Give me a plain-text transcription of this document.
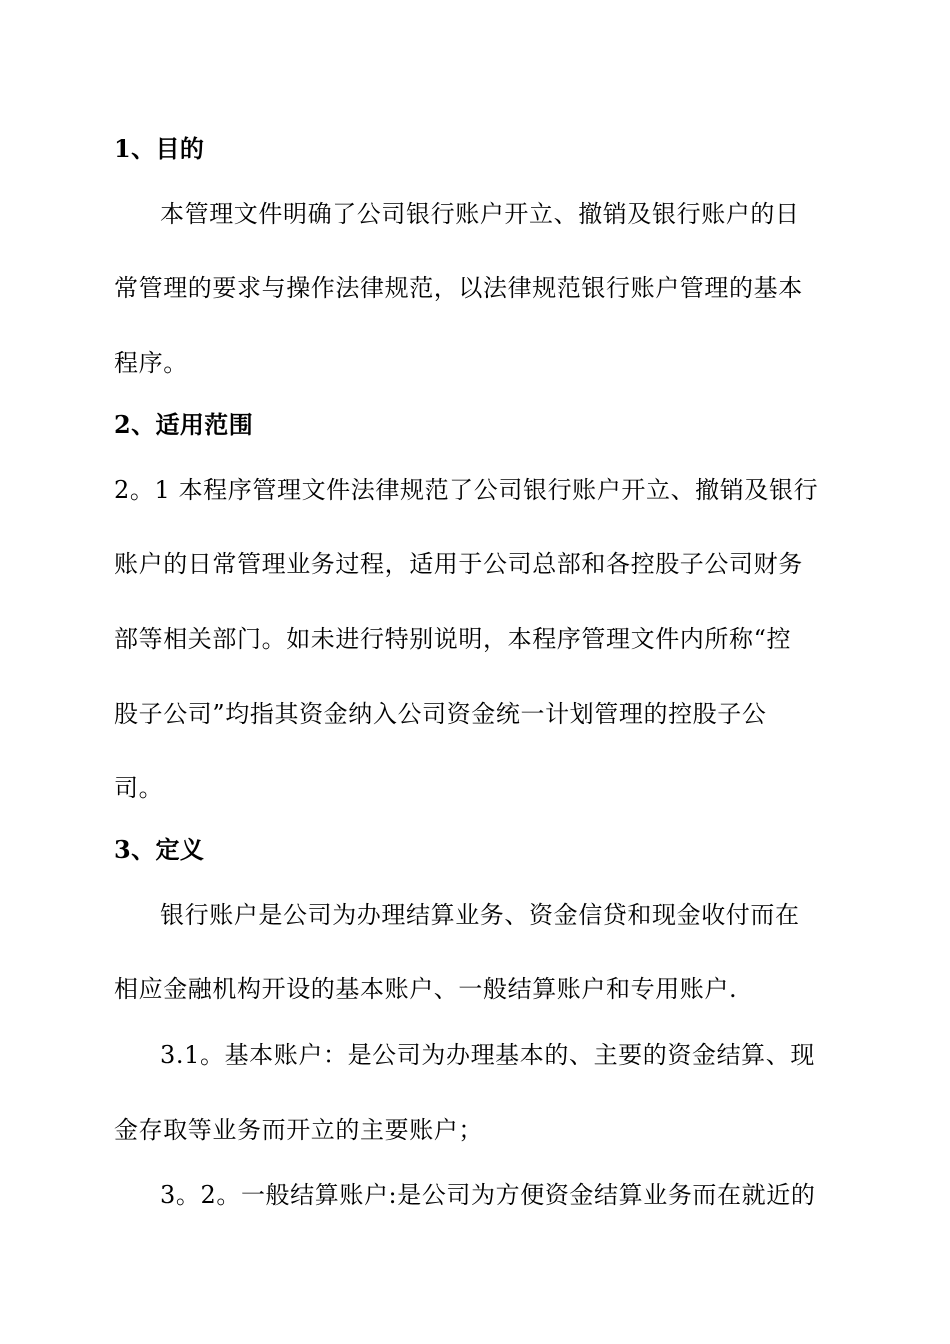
1、目的
本管理文件明确了公司银行账户开立、撤销及银行账户的日
常管理的要求与操作法律规范，以法律规范银行账户管理的基本
程序。
2、适用范围
2。1 本程序管理文件法律规范了公司银行账户开立、撤销及银行
账户的日常管理业务过程，适用于公司总部和各控股子公司财务
部等相关部门。如未进行特别说明，本程序管理文件内所称“控
股子公司”均指其资金纳入公司资金统一计划管理的控股子公
司。
3、定义
银行账户是公司为办理结算业务、资金信贷和现金收付而在
相应金融机构开设的基本账户、一般结算账户和专用账户.
3.1。基本账户：是公司为办理基本的、主要的资金结算、现
金存取等业务而开立的主要账户；
3。2。一般结算账户:是公司为方便资金结算业务而在就近的
